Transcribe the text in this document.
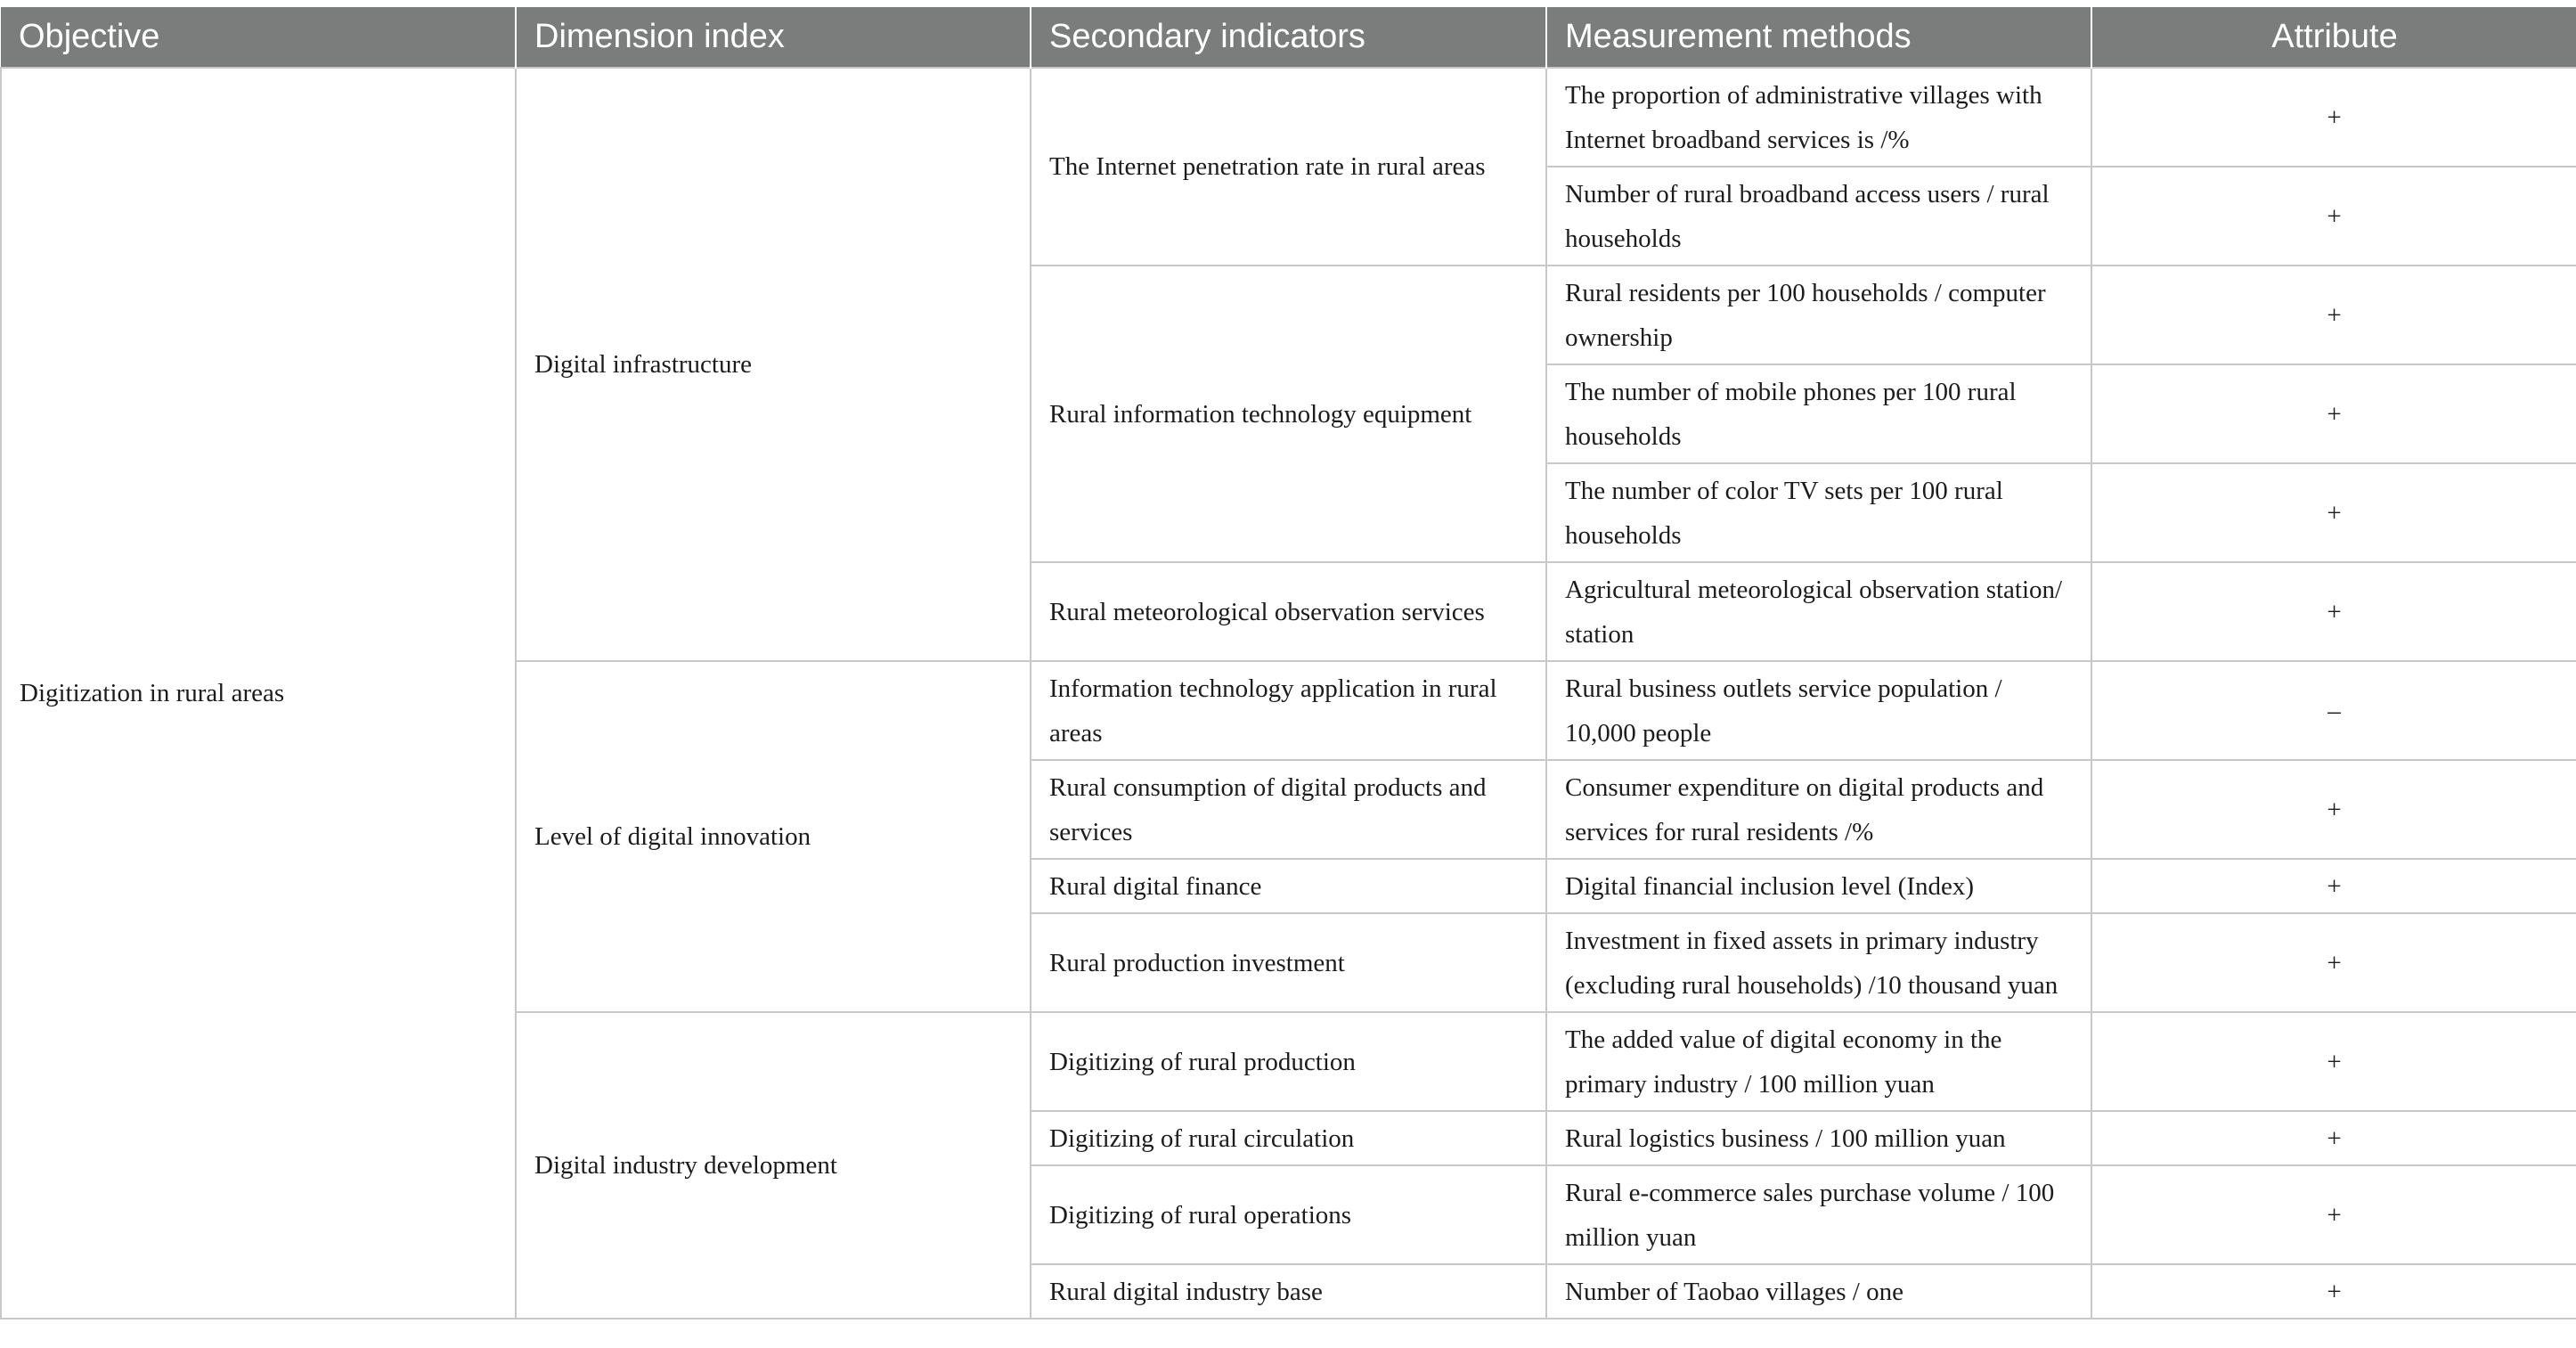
Objective	Dimension index	Secondary indicators	Measurement methods	Attribute
Digitization in rural areas	Digital infrastructure	The Internet penetration rate in rural areas	The proportion of administrative villages with Internet broadband services is /%	+
			Number of rural broadband access users / rural households	+
		Rural information technology equipment	Rural residents per 100 households / computer ownership	+
			The number of mobile phones per 100 rural households	+
			The number of color TV sets per 100 rural households	+
		Rural meteorological observation services	Agricultural meteorological observation station/ station	+
	Level of digital innovation	Information technology application in rural areas	Rural business outlets service population / 10,000 people	–
		Rural consumption of digital products and services	Consumer expenditure on digital products and services for rural residents /%	+
		Rural digital finance	Digital financial inclusion level (Index)	+
		Rural production investment	Investment in fixed assets in primary industry (excluding rural households) /10 thousand yuan	+
	Digital industry development	Digitizing of rural production	The added value of digital economy in the primary industry / 100 million yuan	+
		Digitizing of rural circulation	Rural logistics business / 100 million yuan	+
		Digitizing of rural operations	Rural e-commerce sales purchase volume / 100 million yuan	+
		Rural digital industry base	Number of Taobao villages / one	+
